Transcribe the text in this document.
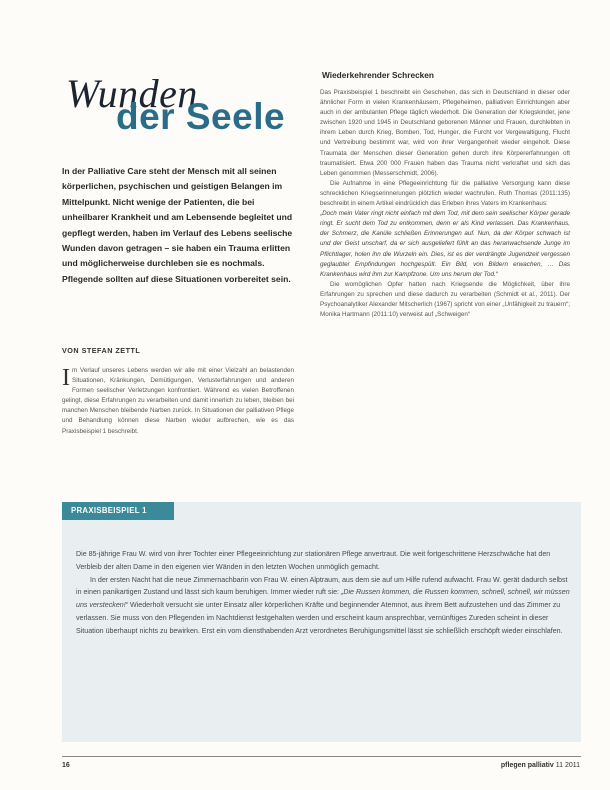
Wunden
der Seele
In der Palliative Care steht der Mensch mit all seinen körperlichen, psychischen und geistigen Belangen im Mittelpunkt. Nicht wenige der Patienten, die bei unheilbarer Krankheit und am Lebensende begleitet und gepflegt werden, haben im Verlauf des Lebens seelische Wunden davon getragen – sie haben ein Trauma erlitten und möglicherweise durchleben sie es nochmals. Pflegende sollten auf diese Situationen vorbereitet sein.
VON STEFAN ZETTL
Im Verlauf unseres Lebens werden wir alle mit einer Vielzahl an belastenden Situationen, Kränkungen, Demütigungen, Verlusterfahrungen und anderen Formen seelischer Verletzungen konfrontiert. Während es vielen Betroffenen gelingt, diese Erfahrungen zu verarbeiten und damit innerlich zu leben, bleiben bei manchen Menschen bleibende Narben zurück. In Situationen der palliativen Pflege und Behandlung können diese Narben wieder aufbrechen, wie es das Praxisbeispiel 1 beschreibt.
Wiederkehrender Schrecken

Das Praxisbeispiel 1 beschreibt ein Geschehen, das sich in Deutschland in dieser oder ähnlicher Form in vielen Krankenhäusern, Pflegeheimen, palliativen Einrichtungen aber auch in der ambulanten Pflege täglich wiederholt. Die Generation der Kriegskinder, jene zwischen 1920 und 1945 in Deutschland geborenen Männer und Frauen, durchlebten in ihrem Leben durch Krieg, Bomben, Tod, Hunger, die Furcht vor Vergewaltigung, Flucht und Vertreibung bestimmt war, wird von ihrer Vergangenheit wieder eingeholt. Diese Traumata der Menschen dieser Generation gehen durch ihre Körpererfahrungen oft traumatisiert. Etwa 200 000 Frauen haben das Trauma nicht verkraftet und sich das Leben genommen (Messerschmidt, 2006).

Die Aufnahme in eine Pflegeeinrichtung für die palliative Versorgung kann diese schrecklichen Kriegserinnerungen plötzlich wieder wachrufen. Ruth Thomas (2011:135) beschreibt in einem Artikel eindrücklich das Erleben ihres Vaters im Krankenhaus:

„Doch mein Vater ringt nicht einfach mit dem Tod, mit dem sein seelischer Körper gerade ringt. Er sucht dem Tod zu entkommen, denn er als Kind verlassen. Das Krankenhaus, der Schmerz, die Kanüle schließen Erinnerungen auf. Nun, da der Körper schwach ist und der Geist unscharf, da er sich ausgeliefert fühlt an das heranwachsende Junge im Pflichtlager, holen ihn die Wurzeln ein. Dies, ist es der verdrängte Jugendzeit vergessen geglaubter Empfindungen hochgespült. Ein Bild, von Bildern erwachen, … Das Krankenhaus wird ihm zur Kampfzone. Um uns herum der Tod.“

Die womöglichen Opfer hatten nach Kriegsende die Möglichkeit, über ihre Erfahrungen zu sprechen und diese dadurch zu verarbeiten (Schmidt et al., 2011). Der Psychoanalytiker Alexander Mitscherlich (1967) spricht von einer „Unfähigkeit zu trauern“; Monika Hartmann (2011:10) verweist auf „Schweigen“

PRAXISBEISPIEL 1

Die 85-jährige Frau W. wird von ihrer Tochter einer Pflegeeinrichtung zur stationären Pflege anvertraut. Die weit fortgeschrittene Herzschwäche hat den Verbleib der alten Dame in den eigenen vier Wänden in den letzten Wochen unmöglich gemacht.

In der ersten Nacht hat die neue Zimmernachbarin von Frau W. einen Alptraum, aus dem sie auf um Hilfe rufend aufwacht. Frau W. gerät dadurch selbst in einen panikartigen Zustand und lässt sich kaum beruhigen. Immer wieder ruft sie: „Die Russen kommen, die Russen kommen, schnell, schnell, wir müssen uns verstecken!“ Wiederholt versucht sie unter Einsatz aller körperlichen Kräfte und beginnender Atemnot, aus ihrem Bett aufzustehen und das Zimmer zu verlassen. Sie muss von den Pflegenden im Nachtdienst festgehalten werden und erscheint kaum ansprechbar, vernünftiges Zureden scheint in dieser Situation überhaupt nichts zu bewirken. Erst ein vom diensthabenden Arzt verordnetes Beruhigungsmittel lässt sie schließlich erschöpft wieder einschlafen.

16	pflegen palliativ 11 2011
